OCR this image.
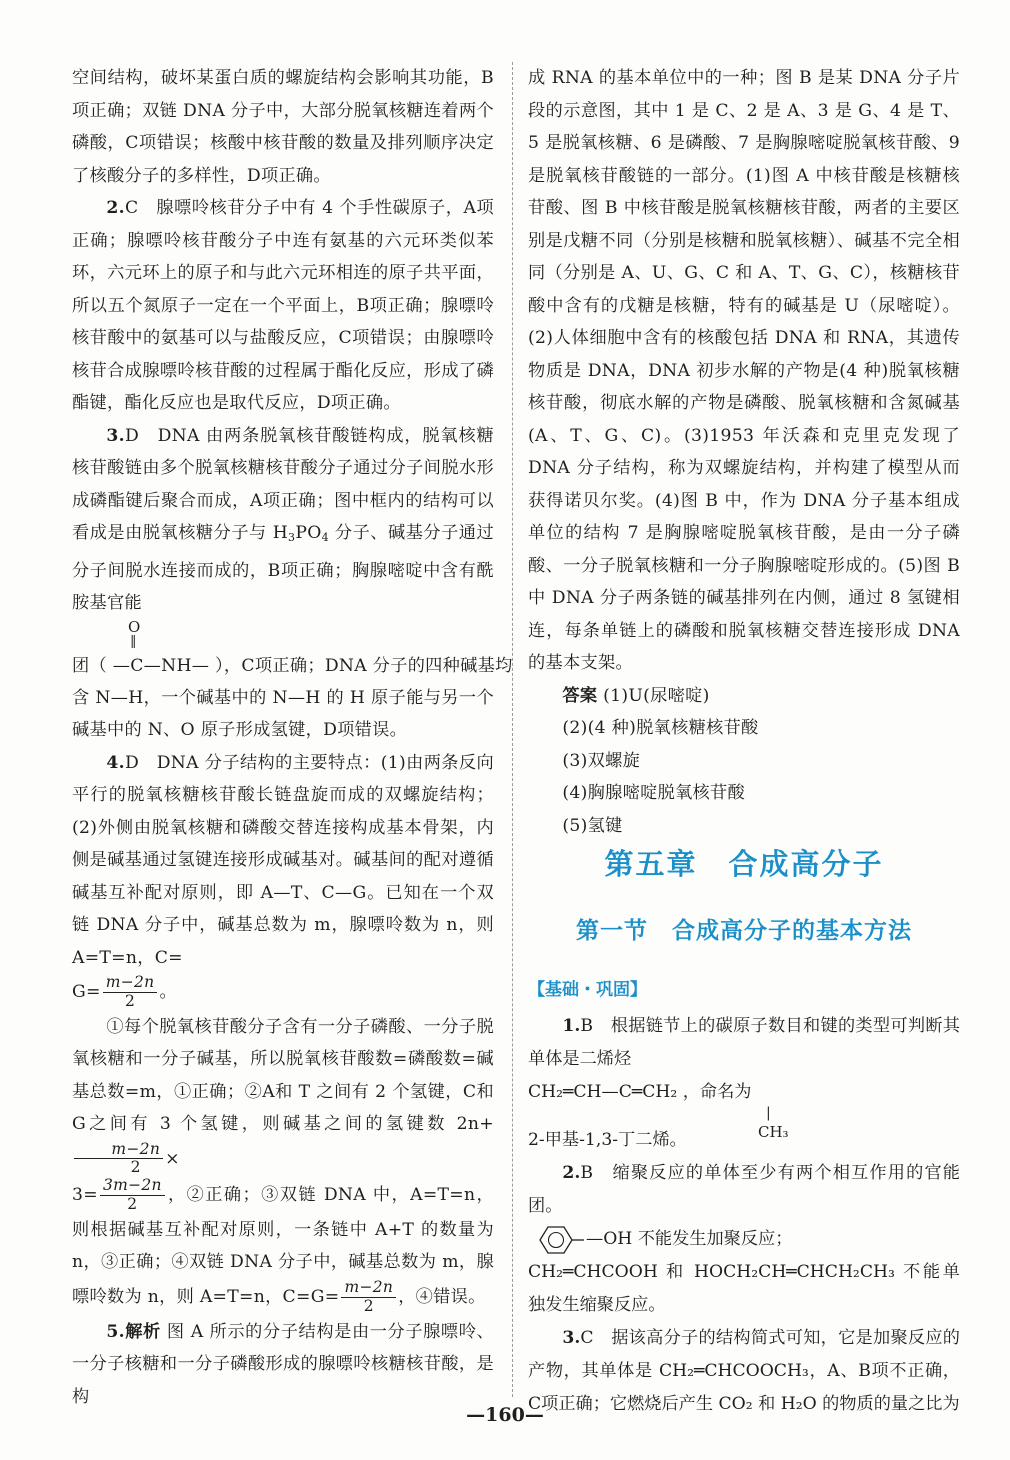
空间结构，破坏某蛋白质的螺旋结构会影响其功能，B项正确；双链 DNA 分子中，大部分脱氧核糖连着两个磷酸，C项错误；核酸中核苷酸的数量及排列顺序决定了核酸分子的多样性，D项正确。

2.C　腺嘌呤核苷分子中有 4 个手性碳原子，A项正确；腺嘌呤核苷酸分子中连有氨基的六元环类似苯环，六元环上的原子和与此六元环相连的原子共平面，所以五个氮原子一定在一个平面上，B项正确；腺嘌呤核苷酸中的氨基可以与盐酸反应，C项错误；由腺嘌呤核苷合成腺嘌呤核苷酸的过程属于酯化反应，形成了磷酯键，酯化反应也是取代反应，D项正确。

3.D　DNA 由两条脱氧核苷酸链构成，脱氧核糖核苷酸链由多个脱氧核糖核苷酸分子通过分子间脱水形成磷酯键后聚合而成，A项正确；图中框内的结构可以看成是由脱氧核糖分子与 $H_3PO_4$ 分子、碱基分子通过分子间脱水连接而成的，B项正确；胸腺嘧啶中含有酰胺基官能

O
‖
团（ —C—NH— ），C项正确；DNA 分子的四种碱基均

含 N—H，一个碱基中的 N—H 的 H 原子能与另一个碱基中的 N、O 原子形成氢键，D项错误。

4.D　DNA 分子结构的主要特点：(1)由两条反向平行的脱氧核糖核苷酸长链盘旋而成的双螺旋结构；(2)外侧由脱氧核糖和磷酸交替连接构成基本骨架，内侧是碱基通过氢键连接形成碱基对。碱基间的配对遵循碱基互补配对原则，即 A—T、C—G。已知在一个双链 DNA 分子中，碱基总数为 m，腺嘌呤数为 n，则 A=T=n，C=

$G= \frac{m-2n}{2}$ 。

①每个脱氧核苷酸分子含有一分子磷酸、一分子脱氧核糖和一分子碱基，所以脱氧核苷酸数=磷酸数=碱基总数=m，①正确；②A和 T 之间有 2 个氢键，C和 G之间有 3 个氢键，则碱基之间的氢键数 2n+
$\frac{m-2n}{2}$ ×

$3= \frac{3m-2n}{2}$ ，②正确；③双链 DNA 中，A=T=n，则根据碱基互补配对原则，一条链中 A+T 的数量为 n，③正确；④双链 DNA 分子中，碱基总数为 m，腺嘌呤数为 n，则 A=T=n，$C=G= \frac{m-2n}{2}$ ，④错误。

5.解析 图 A 所示的分子结构是由一分子腺嘌呤、一分子核糖和一分子磷酸形成的腺嘌呤核糖核苷酸，是构

成 RNA 的基本单位中的一种；图 B 是某 DNA 分子片段的示意图，其中 1 是 C、2 是 A、3 是 G、4 是 T、5 是脱氧核糖、6 是磷酸、7 是胸腺嘧啶脱氧核苷酸、9 是脱氧核苷酸链的一部分。(1)图 A 中核苷酸是核糖核苷酸、图 B 中核苷酸是脱氧核糖核苷酸，两者的主要区别是戊糖不同（分别是核糖和脱氧核糖）、碱基不完全相同（分别是 A、U、G、C 和 A、T、G、C），核糖核苷酸中含有的戊糖是核糖，特有的碱基是 U（尿嘧啶）。(2)人体细胞中含有的核酸包括 DNA 和 RNA，其遗传物质是 DNA，DNA 初步水解的产物是(4 种)脱氧核糖核苷酸，彻底水解的产物是磷酸、脱氧核糖和含氮碱基(A、T、G、C)。(3)1953 年沃森和克里克发现了 DNA 分子结构，称为双螺旋结构，并构建了模型从而获得诺贝尔奖。(4)图 B 中，作为 DNA 分子基本组成单位的结构 7 是胸腺嘧啶脱氧核苷酸，是由一分子磷酸、一分子脱氧核糖和一分子胸腺嘧啶形成的。(5)图 B 中 DNA 分子两条链的碱基排列在内侧，通过 8 氢键相连，每条单链上的磷酸和脱氧核糖交替连接形成 DNA 的基本支架。

答案 (1)U(尿嘧啶)

(2)(4 种)脱氧核糖核苷酸

(3)双螺旋

(4)胸腺嘧啶脱氧核苷酸

(5)氢键

第五章　合成高分子
第一节　合成高分子的基本方法
【基础・巩固】

1.B　根据链节上的碳原子数目和键的类型可判断其单体是二烯烃

CH₂═CH—C═CH₂ ，命名为
|
CH₃

2-甲基-1,3-丁二烯。

2.B　缩聚反应的单体至少有两个相互作用的官能团。

—OH 不能发生加聚反应；

CH₂═CHCOOH 和 HOCH₂CH═CHCH₂CH₃ 不能单独发生缩聚反应。

3.C　据该高分子的结构简式可知，它是加聚反应的产物，其单体是 CH₂═CHCOOCH₃，A、B项不正确，C项正确；它燃烧后产生 CO₂ 和 H₂O 的物质的量之比为

—160—
